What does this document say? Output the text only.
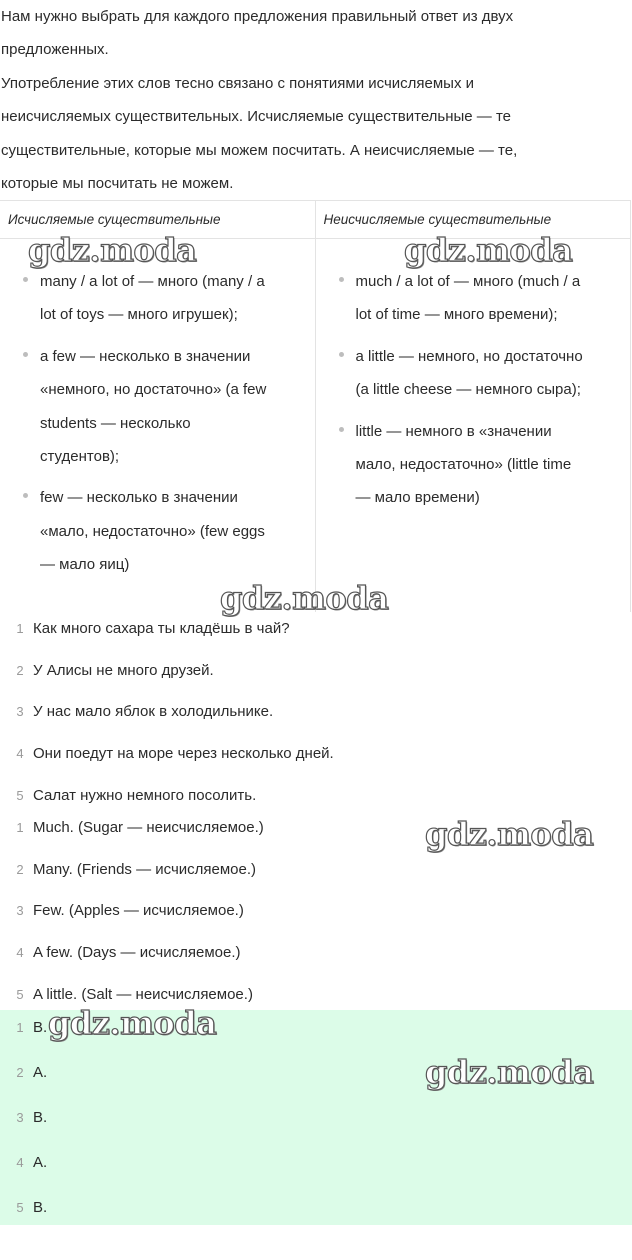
Нам нужно выбрать для каждого предложения правильный ответ из двух

предложенных.

Употребление этих слов тесно связано с понятиями исчисляемых и

неисчисляемых существительных. Исчисляемые существительные — те

существительные, которые мы можем посчитать. А неисчисляемые — те,

которые мы посчитать не можем.

Исчисляемые существительные
many / a lot of — много (many / a
lot of toys — много игрушек);
a few — несколько в значении
«немного, но достаточно» (a few
students — несколько
студентов);
few — несколько в значении
«мало, недостаточно» (few eggs
— мало яиц)
Неисчисляемые существительные
much / a lot of — много (much / a
lot of time — много времени);
a little — немного, но достаточно
(a little cheese — немного сыра);
little — немного в «значении
мало, недостаточно» (little time
— мало времени)
1 Как много сахара ты кладёшь в чай?
2 У Алисы не много друзей.
3 У нас мало яблок в холодильнике.
4 Они поедут на море через несколько дней.
5 Салат нужно немного посолить.
1 Much. (Sugar — неисчисляемое.)
2 Many. (Friends — исчисляемое.)
3 Few. (Apples — исчисляемое.)
4 A few. (Days — исчисляемое.)
5 A little. (Salt — неисчисляемое.)
1 B.
2 A.
3 B.
4 A.
5 B.
gdz.moda	gdz.moda
gdz.moda
gdz.moda
gdz.moda
gdz.moda
